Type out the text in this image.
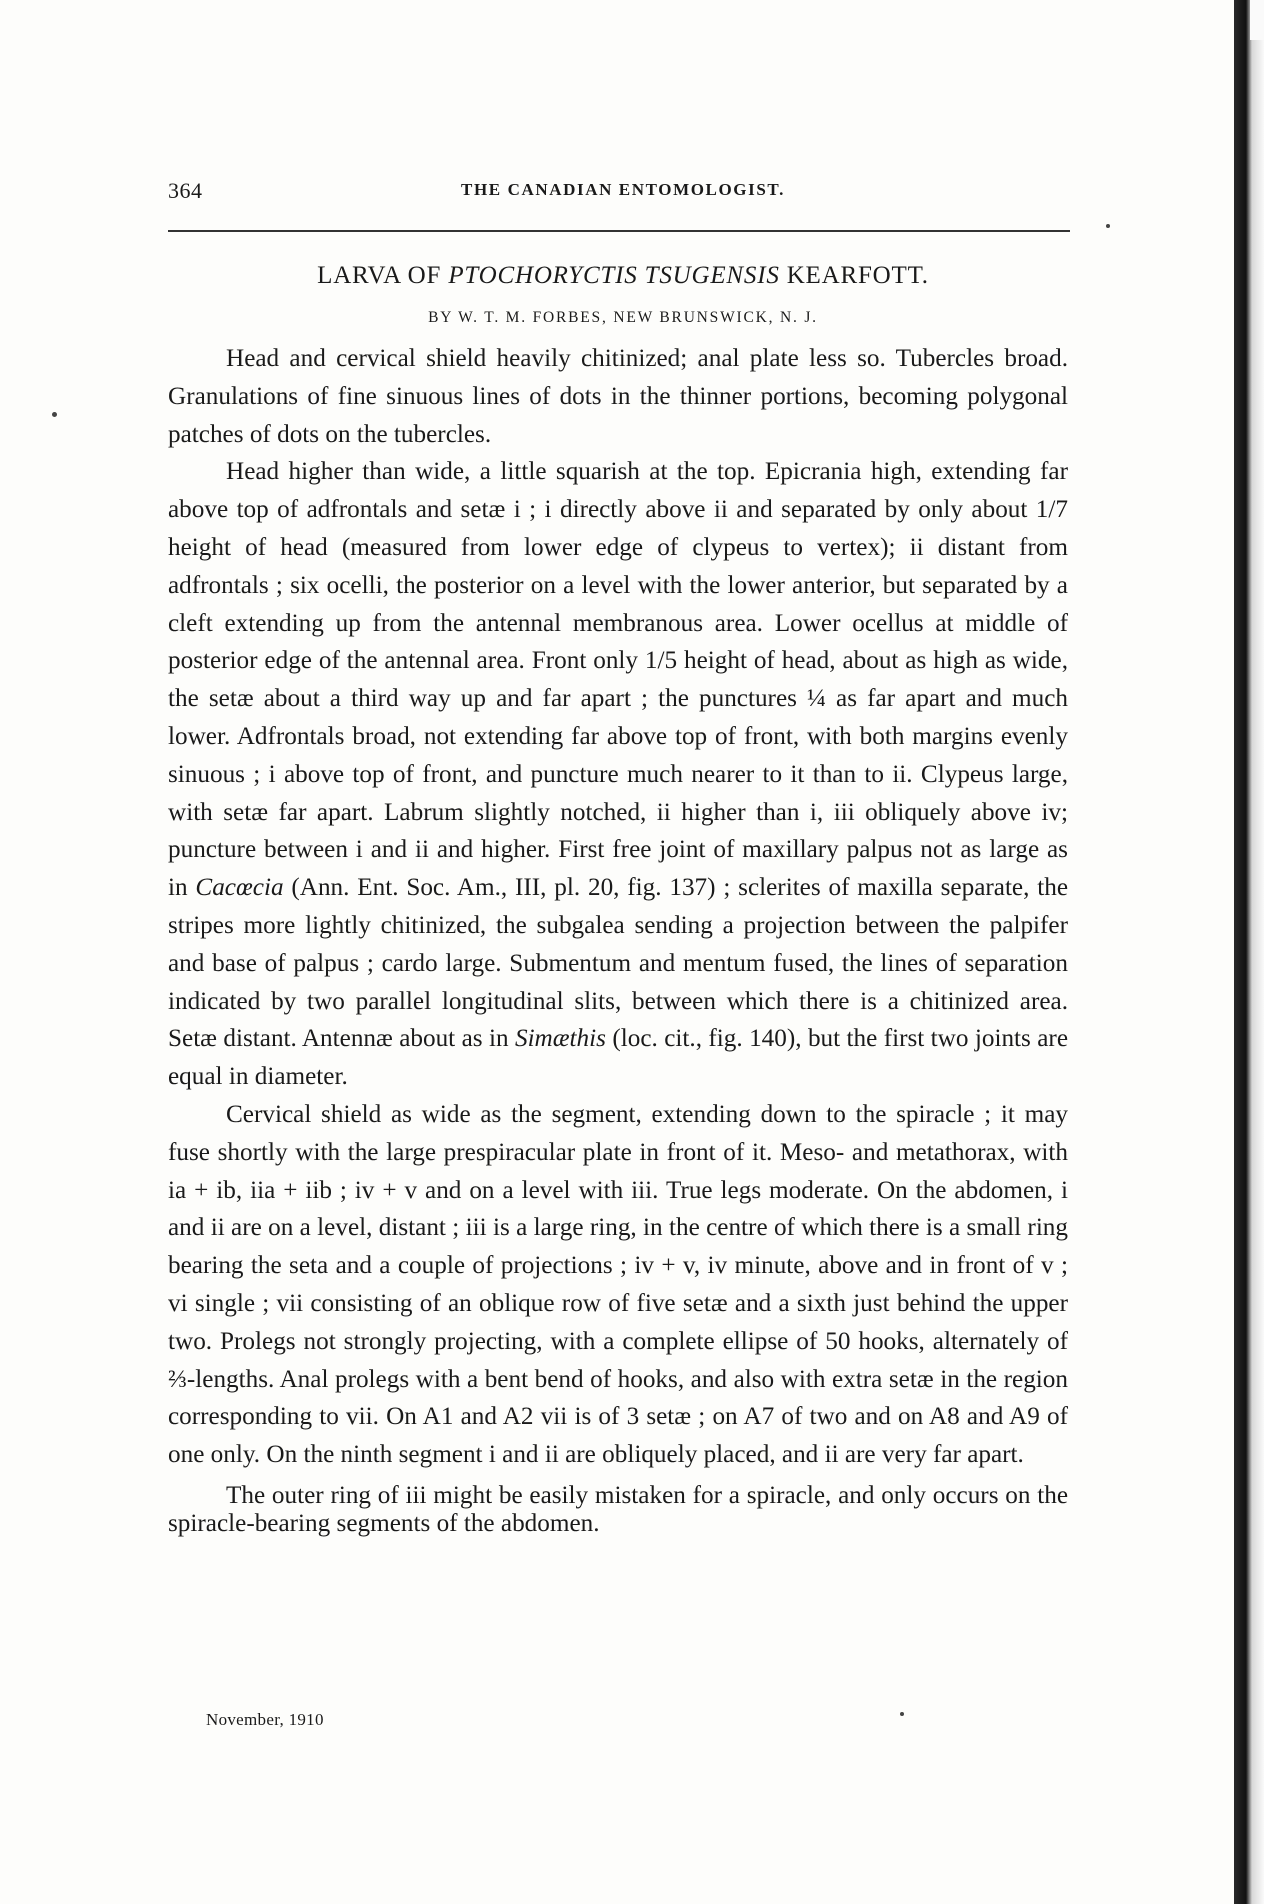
364	THE CANADIAN ENTOMOLOGIST.
LARVA OF PTOCHORYCTIS TSUGENSIS KEARFOTT.
BY W. T. M. FORBES, NEW BRUNSWICK, N. J.

Head and cervical shield heavily chitinized; anal plate less so. Tubercles broad. Granulations of fine sinuous lines of dots in the thinner portions, becoming polygonal patches of dots on the tubercles.

Head higher than wide, a little squarish at the top. Epicrania high, extending far above top of adfrontals and setæ i ; i directly above ii and separated by only about 1/7 height of head (measured from lower edge of clypeus to vertex); ii distant from adfrontals ; six ocelli, the posterior on a level with the lower anterior, but separated by a cleft extending up from the antennal membranous area. Lower ocellus at middle of posterior edge of the antennal area. Front only 1/5 height of head, about as high as wide, the setæ about a third way up and far apart ; the punctures ¼ as far apart and much lower. Adfrontals broad, not extending far above top of front, with both margins evenly sinuous ; i above top of front, and puncture much nearer to it than to ii. Clypeus large, with setæ far apart. Labrum slightly notched, ii higher than i, iii obliquely above iv; puncture between i and ii and higher. First free joint of maxillary palpus not as large as in Cacœcia (Ann. Ent. Soc. Am., III, pl. 20, fig. 137) ; sclerites of maxilla separate, the stripes more lightly chitinized, the subgalea sending a projection between the palpifer and base of palpus ; cardo large. Submentum and mentum fused, the lines of separation indicated by two parallel longitudinal slits, between which there is a chitinized area. Setæ distant. Antennæ about as in Simæthis (loc. cit., fig. 140), but the first two joints are equal in diameter.

Cervical shield as wide as the segment, extending down to the spiracle ; it may fuse shortly with the large prespiracular plate in front of it. Meso- and metathorax, with ia + ib, iia + iib ; iv + v and on a level with iii. True legs moderate. On the abdomen, i and ii are on a level, distant ; iii is a large ring, in the centre of which there is a small ring bearing the seta and a couple of projections ; iv + v, iv minute, above and in front of v ; vi single ; vii consisting of an oblique row of five setæ and a sixth just behind the upper two. Prolegs not strongly projecting, with a complete ellipse of 50 hooks, alternately of ⅔-lengths. Anal prolegs with a bent bend of hooks, and also with extra setæ in the region corresponding to vii. On A1 and A2 vii is of 3 setæ ; on A7 of two and on A8 and A9 of one only. On the ninth segment i and ii are obliquely placed, and ii are very far apart.

The outer ring of iii might be easily mistaken for a spiracle, and only occurs on the spiracle-bearing segments of the abdomen.

November, 1910
